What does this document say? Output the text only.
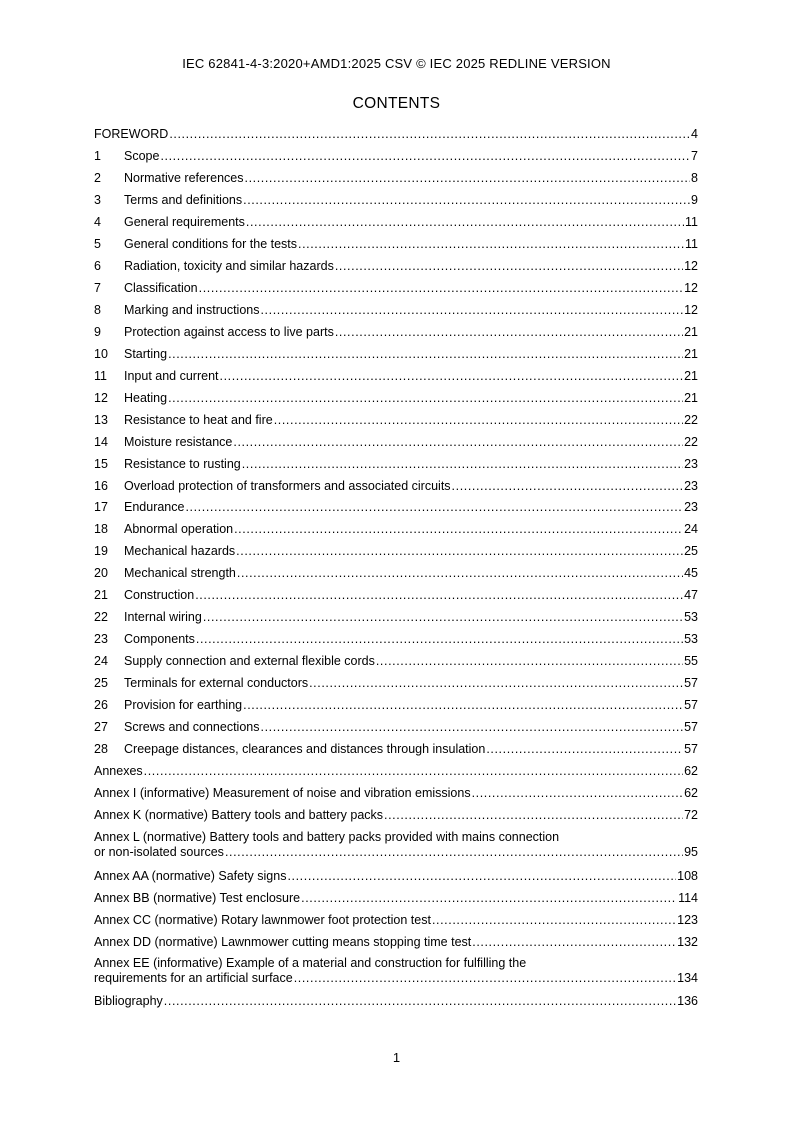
IEC 62841-4-3:2020+AMD1:2025 CSV © IEC 2025 REDLINE VERSION
CONTENTS
FOREWORD .....	4
1	Scope .....	7
2	Normative references .....	8
3	Terms and definitions .....	9
4	General requirements .....	11
5	General conditions for the tests .....	11
6	Radiation, toxicity and similar hazards .....	12
7	Classification .....	12
8	Marking and instructions .....	12
9	Protection against access to live parts .....	21
10	Starting .....	21
11	Input and current .....	21
12	Heating .....	21
13	Resistance to heat and fire .....	22
14	Moisture resistance .....	22
15	Resistance to rusting .....	23
16	Overload protection of transformers and associated circuits .....	23
17	Endurance .....	23
18	Abnormal operation .....	24
19	Mechanical hazards .....	25
20	Mechanical strength .....	45
21	Construction .....	47
22	Internal wiring .....	53
23	Components .....	53
24	Supply connection and external flexible cords .....	55
25	Terminals for external conductors .....	57
26	Provision for earthing .....	57
27	Screws and connections .....	57
28	Creepage distances, clearances and distances through insulation .....	57
Annexes .....	62
Annex I (informative) Measurement of noise and vibration emissions .....	62
Annex K (normative) Battery tools and battery packs .....	72
Annex L (normative) Battery tools and battery packs provided with mains connection
or non-isolated sources .....	95
Annex AA (normative) Safety signs .....	108
Annex BB (normative) Test enclosure .....	114
Annex CC (normative) Rotary lawnmower foot protection test .....	123
Annex DD (normative) Lawnmower cutting means stopping time test .....	132
Annex EE (informative) Example of a material and construction for fulfilling the
requirements for an artificial surface .....	134
Bibliography .....	136
1
